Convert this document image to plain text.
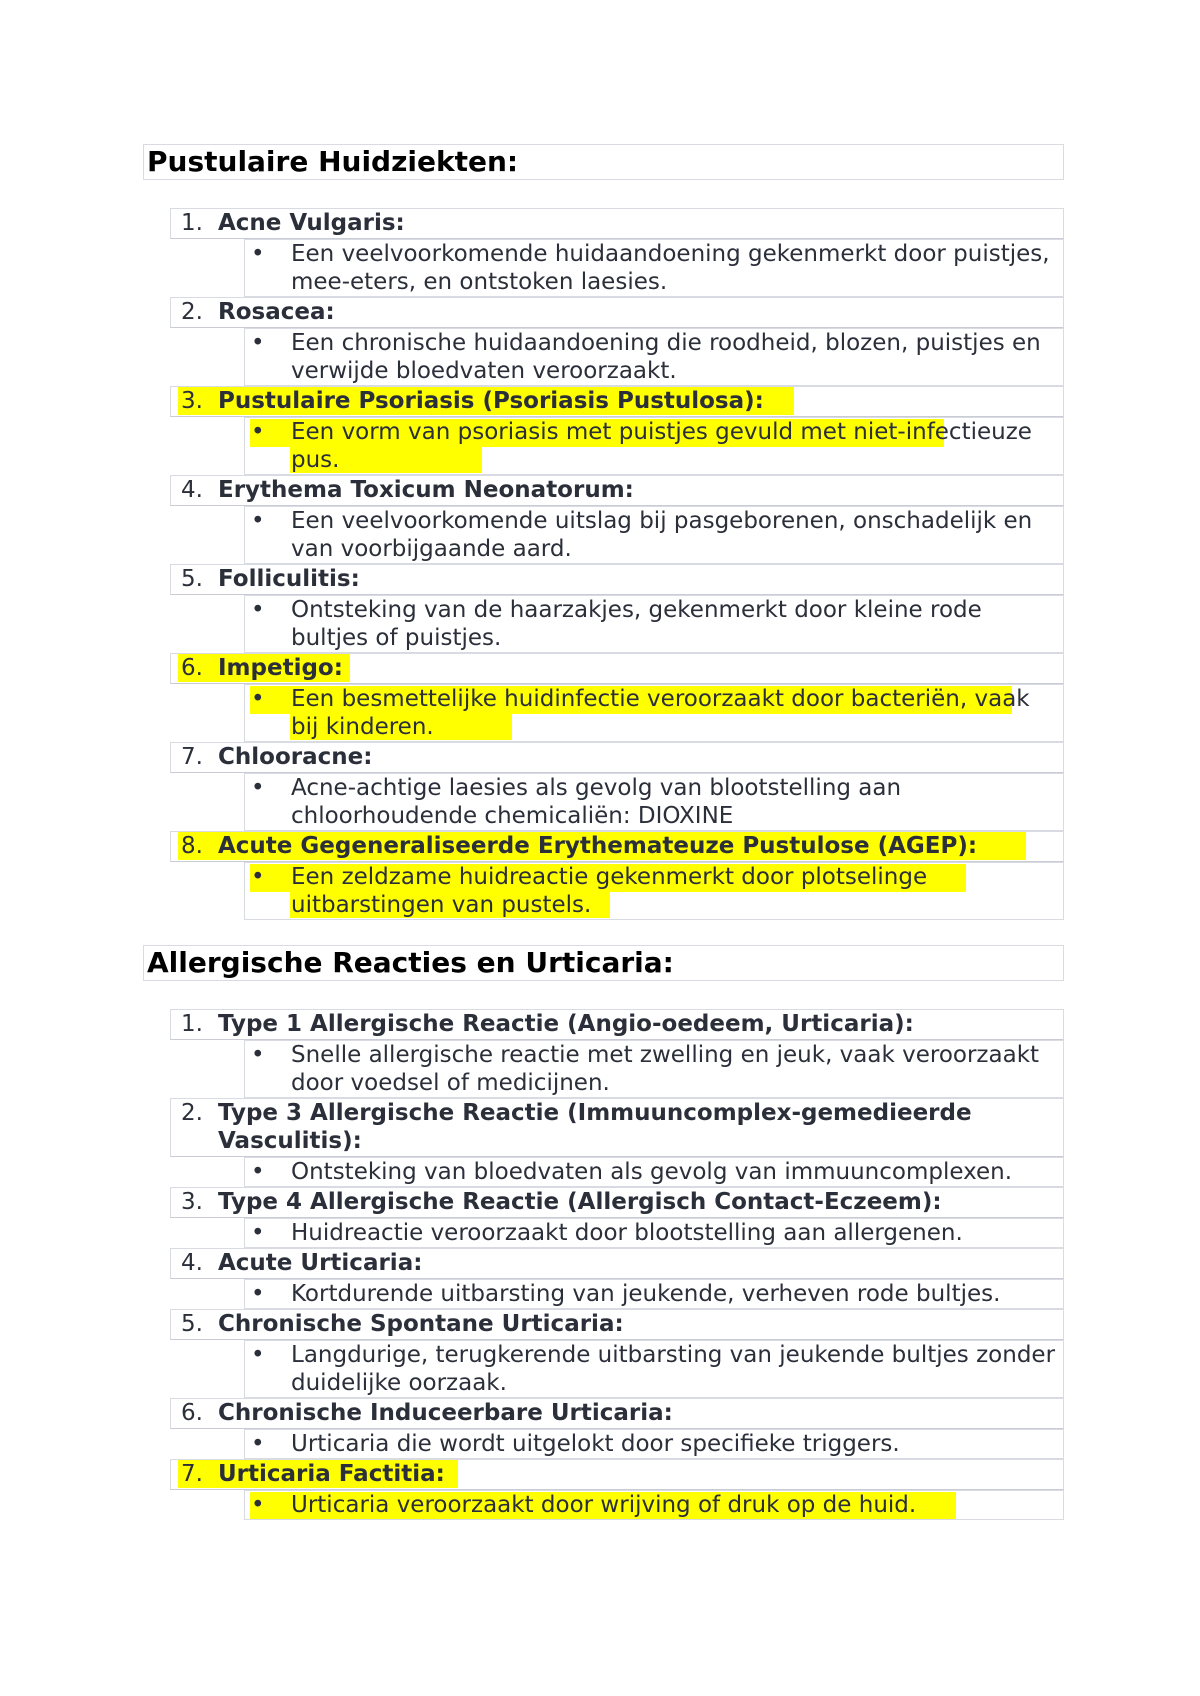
Pustulaire Huidziekten:
1. Acne Vulgaris:
• Een veelvoorkomende huidaandoening gekenmerkt door puistjes, mee-eters, en ontstoken laesies.
2. Rosacea:
• Een chronische huidaandoening die roodheid, blozen, puistjes en verwijde bloedvaten veroorzaakt.
3. Pustulaire Psoriasis (Psoriasis Pustulosa):
• Een vorm van psoriasis met puistjes gevuld met niet-infectieuze pus.
4. Erythema Toxicum Neonatorum:
• Een veelvoorkomende uitslag bij pasgeborenen, onschadelijk en van voorbijgaande aard.
5. Folliculitis:
• Ontsteking van de haarzakjes, gekenmerkt door kleine rode bultjes of puistjes.
6. Impetigo:
• Een besmettelijke huidinfectie veroorzaakt door bacteriën, vaak bij kinderen.
7. Chlooracne:
• Acne-achtige laesies als gevolg van blootstelling aan chloorhoudende chemicaliën: DIOXINE
8. Acute Gegeneraliseerde Erythemateuze Pustulose (AGEP):
• Een zeldzame huidreactie gekenmerkt door plotselinge uitbarstingen van pustels.
Allergische Reacties en Urticaria:
1. Type 1 Allergische Reactie (Angio-oedeem, Urticaria):
• Snelle allergische reactie met zwelling en jeuk, vaak veroorzaakt door voedsel of medicijnen.
2. Type 3 Allergische Reactie (Immuuncomplex-gemedieerde Vasculitis):
• Ontsteking van bloedvaten als gevolg van immuuncomplexen.
3. Type 4 Allergische Reactie (Allergisch Contact-Eczeem):
• Huidreactie veroorzaakt door blootstelling aan allergenen.
4. Acute Urticaria:
• Kortdurende uitbarsting van jeukende, verheven rode bultjes.
5. Chronische Spontane Urticaria:
• Langdurige, terugkerende uitbarsting van jeukende bultjes zonder duidelijke oorzaak.
6. Chronische Induceerbare Urticaria:
• Urticaria die wordt uitgelokt door specifieke triggers.
7. Urticaria Factitia:
• Urticaria veroorzaakt door wrijving of druk op de huid.
